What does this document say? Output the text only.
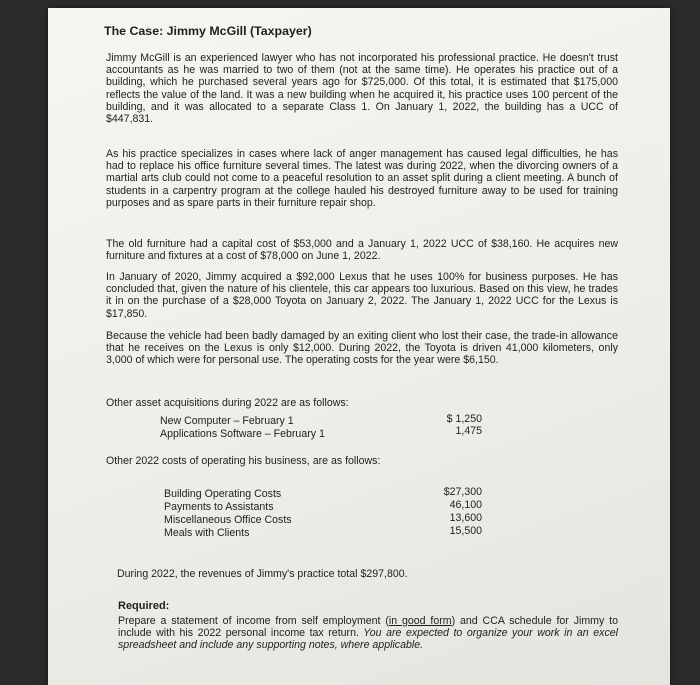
The Case: Jimmy McGill (Taxpayer)

Jimmy McGill is an experienced lawyer who has not incorporated his professional practice. He doesn't trust accountants as he was married to two of them (not at the same time). He operates his practice out of a building, which he purchased several years ago for $725,000. Of this total, it is estimated that $175,000 reflects the value of the land. It was a new building when he acquired it, his practice uses 100 percent of the building, and it was allocated to a separate Class 1. On January 1, 2022, the building has a UCC of $447,831.

As his practice specializes in cases where lack of anger management has caused legal difficulties, he has had to replace his office furniture several times. The latest was during 2022, when the divorcing owners of a martial arts club could not come to a peaceful resolution to an asset split during a client meeting. A bunch of students in a carpentry program at the college hauled his destroyed furniture away to be used for training purposes and as spare parts in their furniture repair shop.

The old furniture had a capital cost of $53,000 and a January 1, 2022 UCC of $38,160. He acquires new furniture and fixtures at a cost of $78,000 on June 1, 2022.

In January of 2020, Jimmy acquired a $92,000 Lexus that he uses 100% for business purposes. He has concluded that, given the nature of his clientele, this car appears too luxurious. Based on this view, he trades it in on the purchase of a $28,000 Toyota on January 2, 2022. The January 1, 2022 UCC for the Lexus is $17,850.

Because the vehicle had been badly damaged by an exiting client who lost their case, the trade-in allowance that he receives on the Lexus is only $12,000. During 2022, the Toyota is driven 41,000 kilometers, only 3,000 of which were for personal use. The operating costs for the year were $6,150.

Other asset acquisitions during 2022 are as follows:
New Computer – February 1	$ 1,250
Applications Software – February 1	1,475
Other 2022 costs of operating his business, are as follows:
Building Operating Costs	$27,300
Payments to Assistants	46,100
Miscellaneous Office Costs	13,600
Meals with Clients	15,500
During 2022, the revenues of Jimmy's practice total $297,800.
Required:
Prepare a statement of income from self employment (in good form) and CCA schedule for Jimmy to include with his 2022 personal income tax return. You are expected to organize your work in an excel spreadsheet and include any supporting notes, where applicable.
